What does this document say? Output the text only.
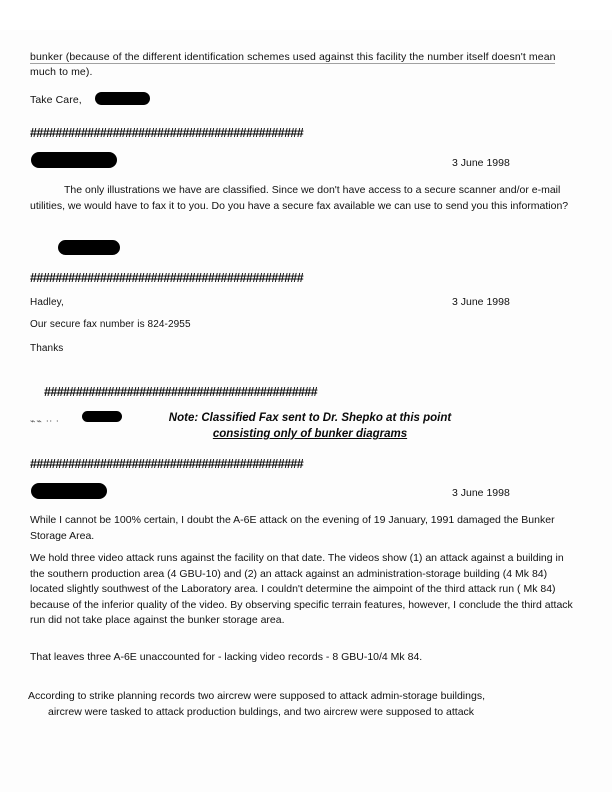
bunker (because of the different identification schemes used against this facility the number itself doesn't mean much to me).
Take Care,
###########################################
3 June 1998
The only illustrations we have are classified. Since we don't have access to a secure scanner and/or e-mail utilities, we would have to fax it to you. Do you have a secure fax available we can use to send you this information?
###########################################
Hadley,	3 June 1998
Our secure fax number is 824-2955
Thanks
###########################################
⌁⌁ ⸱⸱ ⸱	Note: Classified Fax sent to Dr. Shepko at this point
consisting only of bunker diagrams
###########################################
3 June 1998
While I cannot be 100% certain, I doubt the A-6E attack on the evening of 19 January, 1991 damaged the Bunker Storage Area.
We hold three video attack runs against the facility on that date. The videos show (1) an attack against a building in the southern production area (4 GBU-10) and (2) an attack against an administration-storage building (4 Mk 84) located slightly southwest of the Laboratory area. I couldn't determine the aimpoint of the third attack run ( Mk 84) because of the inferior quality of the video. By observing specific terrain features, however, I conclude the third attack run did not take place against the bunker storage area.
That leaves three A-6E unaccounted for - lacking video records - 8 GBU-10/4 Mk 84.
According to strike planning records two aircrew were supposed to attack admin-storage buildings,
aircrew were tasked to attack production buldings, and two aircrew were supposed to attack
